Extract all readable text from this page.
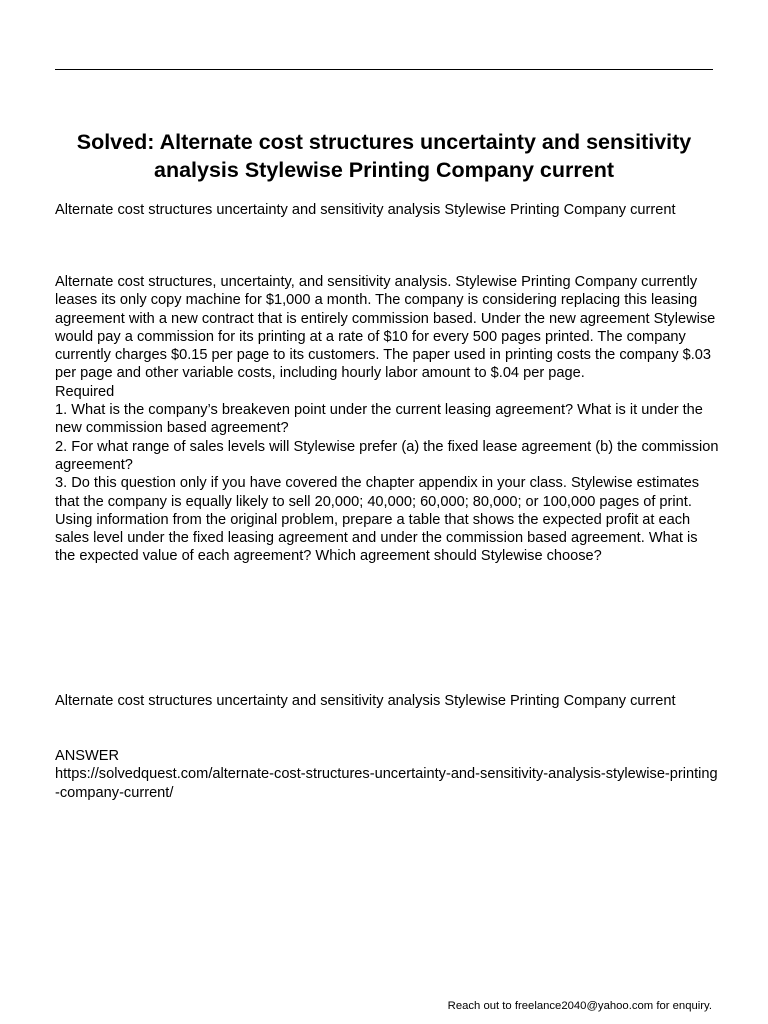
Solved: Alternate cost structures uncertainty and sensitivity analysis Stylewise Printing Company current

Alternate cost structures uncertainty and sensitivity analysis Stylewise Printing Company current

Alternate cost structures, uncertainty, and sensitivity analysis. Stylewise Printing Company currently leases its only copy machine for $1,000 a month. The company is considering replacing this leasing agreement with a new contract that is entirely commission based. Under the new agreement Stylewise would pay a commission for its printing at a rate of $10 for every 500 pages printed. The company currently charges $0.15 per page to its customers. The paper used in printing costs the company $.03 per page and other variable costs, including hourly labor amount to $.04 per page.
Required
1. What is the company’s breakeven point under the current leasing agreement? What is it under the new commission based agreement?
2. For what range of sales levels will Stylewise prefer (a) the fixed lease agreement (b) the commission agreement?
3. Do this question only if you have covered the chapter appendix in your class. Stylewise estimates that the company is equally likely to sell 20,000; 40,000; 60,000; 80,000; or 100,000 pages of print. Using information from the original problem, prepare a table that shows the expected profit at each sales level under the fixed leasing agreement and under the commission based agreement. What is the expected value of each agreement? Which agreement should Stylewise choose?

Alternate cost structures uncertainty and sensitivity analysis Stylewise Printing Company current

ANSWER
https://solvedquest.com/alternate-cost-structures-uncertainty-and-sensitivity-analysis-stylewise-printing-company-current/

Reach out to freelance2040@yahoo.com for enquiry.
